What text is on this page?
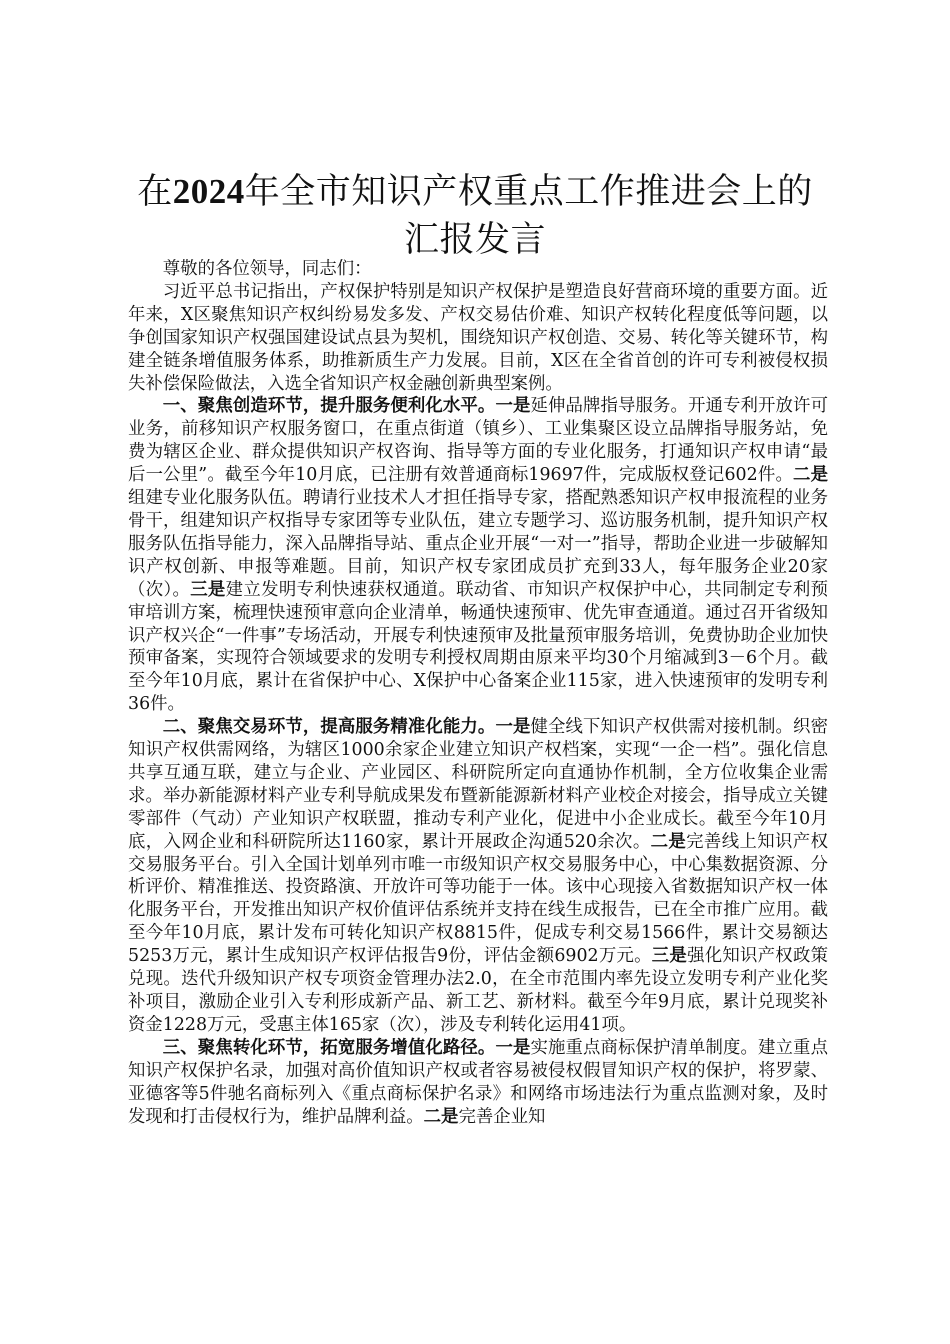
在2024年全市知识产权重点工作推进会上的
汇报发言

尊敬的各位领导，同志们：

习近平总书记指出，产权保护特别是知识产权保护是塑造良好营商环境的重要方面。近年来，X区聚焦知识产权纠纷易发多发、产权交易估价难、知识产权转化程度低等问题，以争创国家知识产权强国建设试点县为契机，围绕知识产权创造、交易、转化等关键环节，构建全链条增值服务体系，助推新质生产力发展。目前，X区在全省首创的许可专利被侵权损失补偿保险做法，入选全省知识产权金融创新典型案例。

一、聚焦创造环节，提升服务便利化水平。一是延伸品牌指导服务。开通专利开放许可业务，前移知识产权服务窗口，在重点街道（镇乡）、工业集聚区设立品牌指导服务站，免费为辖区企业、群众提供知识产权咨询、指导等方面的专业化服务，打通知识产权申请“最后一公里”。截至今年10月底，已注册有效普通商标19697件，完成版权登记602件。二是组建专业化服务队伍。聘请行业技术人才担任指导专家，搭配熟悉知识产权申报流程的业务骨干，组建知识产权指导专家团等专业队伍，建立专题学习、巡访服务机制，提升知识产权服务队伍指导能力，深入品牌指导站、重点企业开展“一对一”指导，帮助企业进一步破解知识产权创新、申报等难题。目前，知识产权专家团成员扩充到33人，每年服务企业20家（次）。三是建立发明专利快速获权通道。联动省、市知识产权保护中心，共同制定专利预审培训方案，梳理快速预审意向企业清单，畅通快速预审、优先审查通道。通过召开省级知识产权兴企“一件事”专场活动，开展专利快速预审及批量预审服务培训，免费协助企业加快预审备案，实现符合领域要求的发明专利授权周期由原来平均30个月缩减到3－6个月。截至今年10月底，累计在省保护中心、X保护中心备案企业115家，进入快速预审的发明专利36件。

二、聚焦交易环节，提高服务精准化能力。一是健全线下知识产权供需对接机制。织密知识产权供需网络，为辖区1000余家企业建立知识产权档案，实现“一企一档”。强化信息共享互通互联，建立与企业、产业园区、科研院所定向直通协作机制，全方位收集企业需求。举办新能源材料产业专利导航成果发布暨新能源新材料产业校企对接会，指导成立关键零部件（气动）产业知识产权联盟，推动专利产业化，促进中小企业成长。截至今年10月底，入网企业和科研院所达1160家，累计开展政企沟通520余次。二是完善线上知识产权交易服务平台。引入全国计划单列市唯一市级知识产权交易服务中心，中心集数据资源、分析评价、精准推送、投资路演、开放许可等功能于一体。该中心现接入省数据知识产权一体化服务平台，开发推出知识产权价值评估系统并支持在线生成报告，已在全市推广应用。截至今年10月底，累计发布可转化知识产权8815件，促成专利交易1566件，累计交易额达5253万元，累计生成知识产权评估报告9份，评估金额6902万元。三是强化知识产权政策兑现。迭代升级知识产权专项资金管理办法2.0，在全市范围内率先设立发明专利产业化奖补项目，激励企业引入专利形成新产品、新工艺、新材料。截至今年9月底，累计兑现奖补资金1228万元，受惠主体165家（次），涉及专利转化运用41项。

三、聚焦转化环节，拓宽服务增值化路径。一是实施重点商标保护清单制度。建立重点知识产权保护名录，加强对高价值知识产权或者容易被侵权假冒知识产权的保护，将罗蒙、亚德客等5件驰名商标列入《重点商标保护名录》和网络市场违法行为重点监测对象，及时发现和打击侵权行为，维护品牌利益。二是完善企业知
